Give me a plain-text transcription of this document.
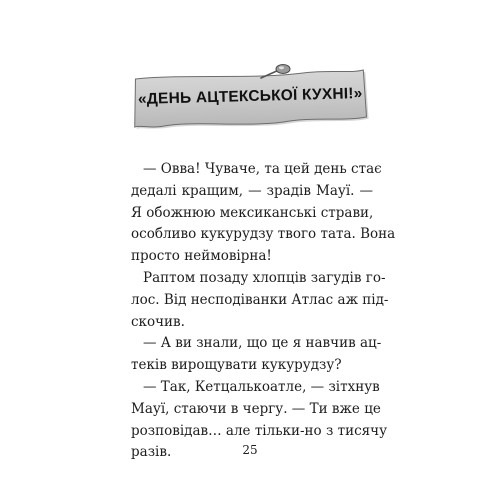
«ДЕНЬ АЦТЕКСЬКОЇ КУХНІ!»
— Овва! Чуваче, та цей день стає
дедалі кращим, — зрадів Мауї. —
Я обожнюю мексиканські страви,
особливо кукурудзу твого тата. Вона
просто неймовірна!
Раптом позаду хлопців загудів го-
лос. Від несподіванки Атлас аж під-
скочив.
— А ви знали, що це я навчив ац-
теків вирощувати кукурудзу?
— Так, Кетцалькоатле, — зітхнув
Мауї, стаючи в чергу. — Ти вже це
розповідав… але тільки-но з тисячу
разів.	25
